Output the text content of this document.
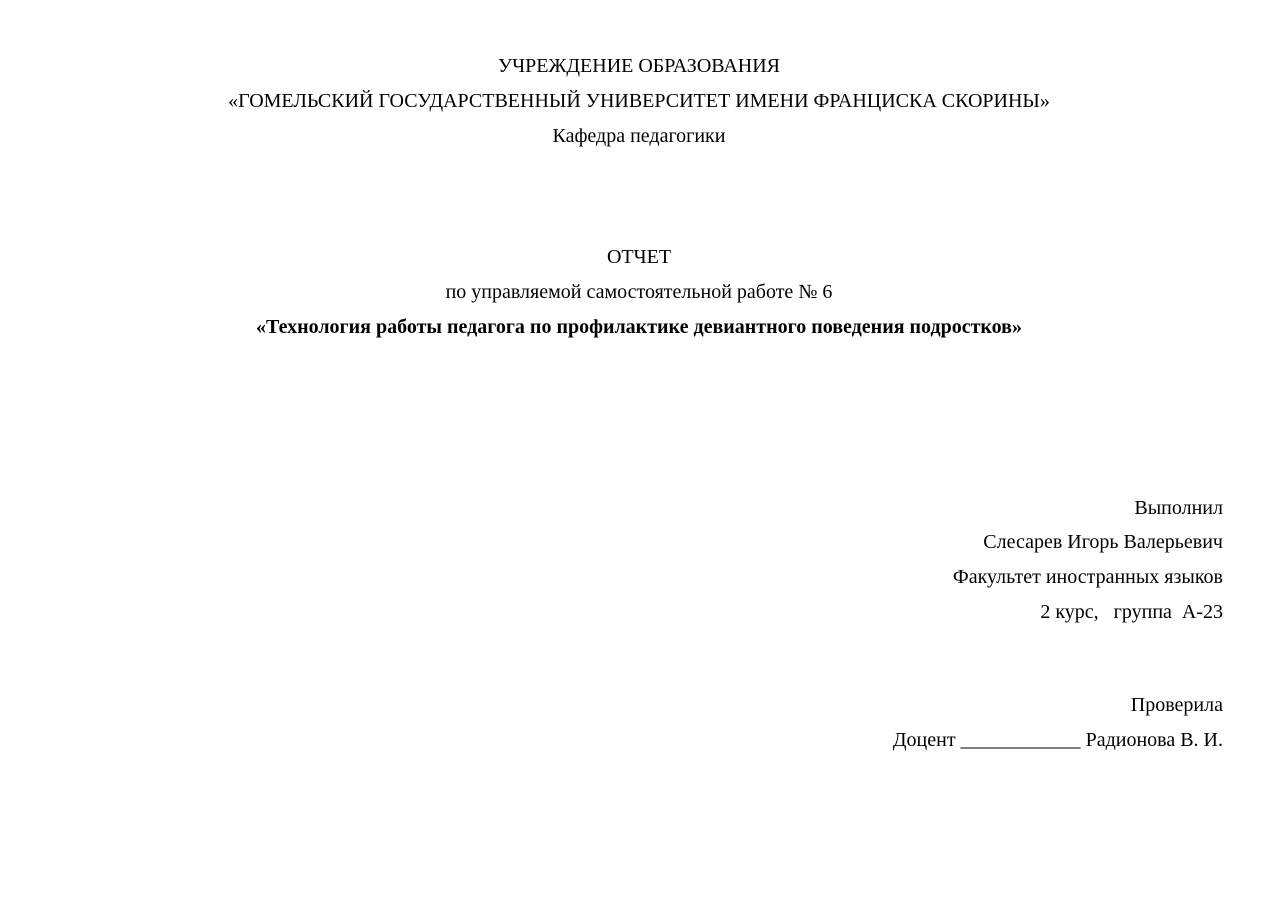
УЧРЕЖДЕНИЕ ОБРАЗОВАНИЯ
«ГОМЕЛЬСКИЙ ГОСУДАРСТВЕННЫЙ УНИВЕРСИТЕТ ИМЕНИ ФРАНЦИСКА СКОРИНЫ»
Кафедра педагогики
ОТЧЕТ
по управляемой самостоятельной работе № 6
«Технология работы педагога по профилактике девиантного поведения подростков»
Выполнил
Слесарев Игорь Валерьевич
Факультет иностранных языков
2 курс,   группа  А-23
Проверила
Доцент ____________ Радионова В. И.
